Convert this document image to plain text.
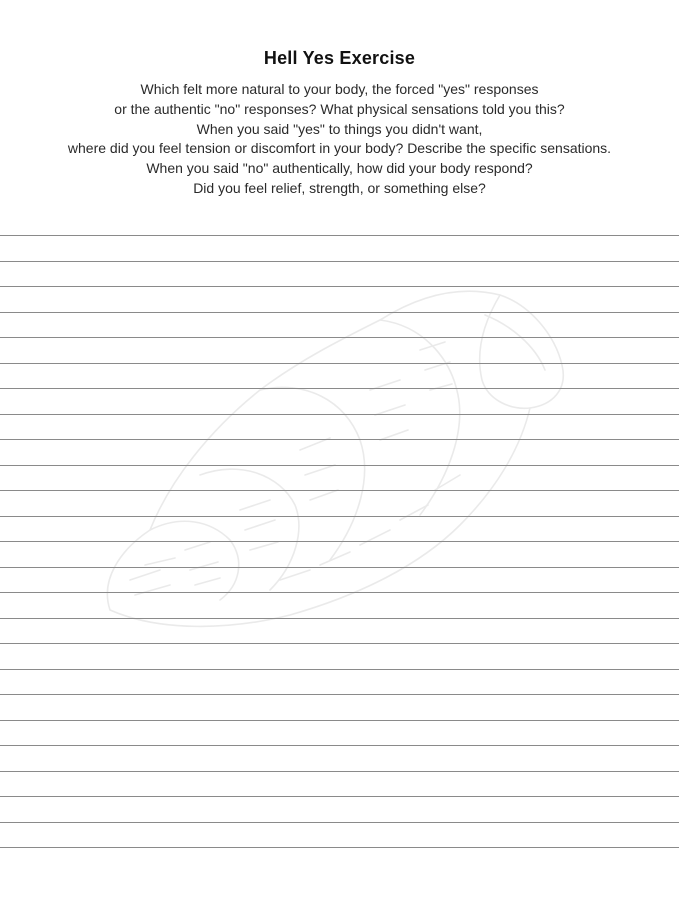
Hell Yes Exercise
Which felt more natural to your body, the forced "yes" responses
or the authentic "no" responses? What physical sensations told you this?
When you said "yes" to things you didn't want,
where did you feel tension or discomfort in your body? Describe the specific sensations.
When you said "no" authentically, how did your body respond?
Did you feel relief, strength, or something else?
